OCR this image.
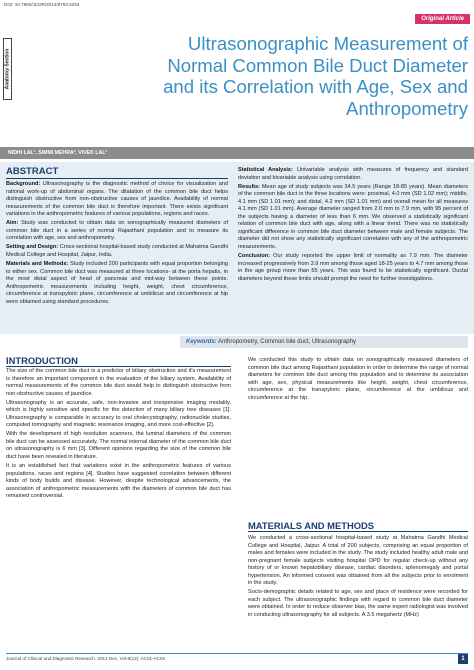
DOI: 10.7860/JCDR/2014/8793.5253
Original Article
Anatomy Section
Ultrasonographic Measurement of Normal Common Bile Duct Diameter and its Correlation with Age, Sex and Anthropometry
NIDHI LAL¹, SIMMI MEHRA², VIVEK LAL³
ABSTRACT

Background: Ultrasonography is the diagnostic method of choice for visualization and rational work-up of abdominal organs. The dilatation of the common bile duct helps distinguish obstructive from non-obstructive causes of jaundice. Availability of normal measurements of the common bile duct is therefore important. There exists significant variations in the anthropometric features of various populations, regions and races.

Aim: Study was conducted to obtain data on sonographically measured diameters of common bile duct in a series of normal Rajasthani population and to measure its correlation with age, sex and anthropometry.

Setting and Design: Cross-sectional hospital-based study conducted at Mahatma Gandhi Medical College and Hospital, Jaipur, India.

Materials and Methods: Study included 200 participants with equal proportion belonging to either sex. Common bile duct was measured at three locations- at the porta hepatis, in the most distal aspect of head of pancreas and mid-way between these points. Anthropometric measurements including height, weight, chest circumference, circumference at transpyloric plane, circumference at umbilicus and circumference at hip were obtained using standard procedures.

Statistical Analysis: Univariable analysis with measures of frequency and standard deviation and bivariable analysis using correlation.

Results: Mean age of study subjects was 34.5 years (Range 18-85 years). Mean diameters of the common bile duct in the three locations were: proximal, 4.0 mm (SD 1.02 mm); middle, 4.1 mm (SD 1.01 mm); and distal, 4.2 mm (SD 1.01 mm) and overall mean for all measures 4.1 mm (SD 1.01 mm). Average diameter ranged from 2.0 mm to 7.9 mm, with 95 percent of the subjects having a diameter of less than 6 mm. We observed a statistically significant relation of common bile duct with age, along with a linear trend. There was no statistically significant difference in common bile duct diameter between male and female subjects. The diameter did not show any statistically significant correlation with any of the anthropometric measurements.

Conclusion: Our study reported the upper limit of normality as 7.9 mm. The diameter increased progressively from 3.9 mm among those aged 18-25 years to 4.7 mm among those in the age group more than 55 years. This was found to be statistically significant. Ductal diameters beyond these limits should prompt the need for further investigations.

Keywords: Anthropometry, Common bile duct, Ultrasonography
INTRODUCTION

The size of the common bile duct is a predictor of biliary obstruction and it's measurement is therefore an important component in the evaluation of the biliary system. Availability of normal measurements of the common bile duct would help to distinguish obstructive from non-obstructive causes of jaundice.

Ultrasonography is an accurate, safe, non-invasive and inexpensive imaging modality, which is highly sensitive and specific for the detection of many biliary tree diseases [1]. Ultrasonography is comparable in accuracy to oral cholecystography, radionuclide studies, computed tomography and magnetic resonance imaging, and more cost-effective [2].

With the development of high resolution scanners, the luminal diameters of the common bile duct can be assessed accurately. The normal internal diameter of the common bile duct on ultrasonography is 6 mm [3]. Different opinions regarding the size of the common bile duct have been revealed in literature.

It is an established fact that variations exist in the anthropometric features of various populations, races and regions [4]. Studies have suggested correlation between different kinds of body builds and disease. However, despite technological advancements, the association of anthropometric measurements with the diameters of common bile duct has remained controversial.

We conducted this study to obtain data on sonographically measured diameters of common bile duct among Rajasthani population in order to determine the range of normal diameters for common bile duct among this population and to determine its association with age, sex, physical measurements like height, weight, chest circumference, circumference at the transpyloric plane, circumference at the umbilicus and circumference at the hip.

MATERIALS AND METHODS

We conducted a cross-sectional hospital-based study at Mahatma Gandhi Medical College and Hospital, Jaipur. A total of 200 subjects, comprising an equal proportion of males and females were included in the study. The study included healthy adult male and non-pregnant female subjects visiting hospital OPD for regular check-up without any history of or known hepatobiliary disease, cardiac disorders, splenomegaly and portal hypertension. An informed consent was obtained from all the subjects prior to enrolment in the study.

Socio-demographic details related to age, sex and place of residence were recorded for each subject. The ultrasonographic findings with regard to common bile duct diameter were obtained. In order to reduce observer bias, the same expert radiologist was involved in conducting ultrasonography for all subjects. A 3.5 megahertz (MHz)

Journal of Clinical and Diagnostic Research. 2014 Dec, Vol-8(12): AC01-AC04	1
